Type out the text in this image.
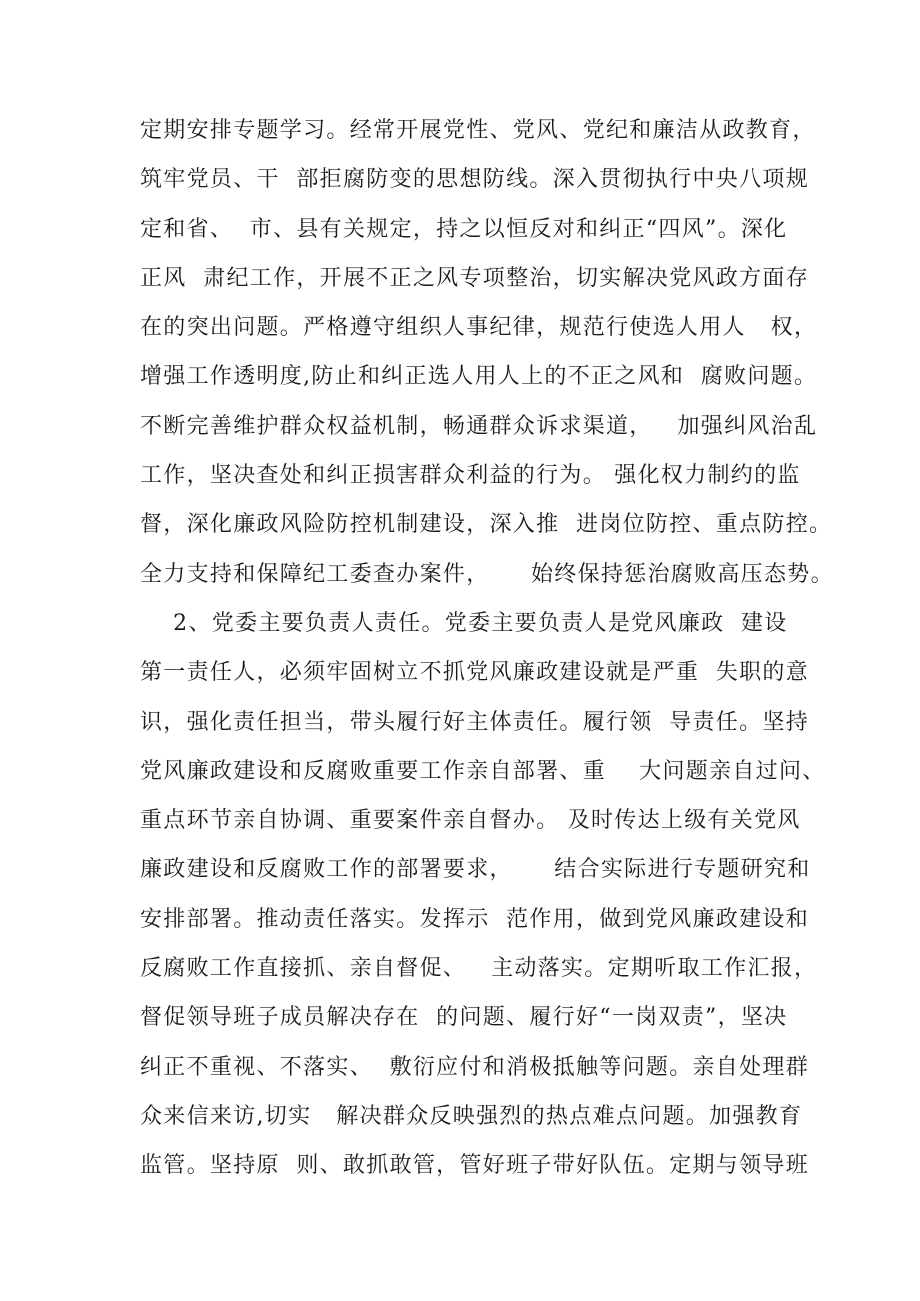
定期安排专题学习。经常开展党性、党风、党纪和廉洁从政教育，
筑牢党员、干  部拒腐防变的思想防线。深入贯彻执行中央八项规
定和省、  市、县有关规定，持之以恒反对和纠正“四风”。深化
正风  肃纪工作，开展不正之风专项整治，切实解决党风政方面存
在的突出问题。严格遵守组织人事纪律，规范行使选人用人   权，
增强工作透明度,防止和纠正选人用人上的不正之风和  腐败问题。
不断完善维护群众权益机制，畅通群众诉求渠道，   加强纠风治乱
工作，坚决查处和纠正损害群众利益的行为。 强化权力制约的监
督，深化廉政风险防控机制建设，深入推  进岗位防控、重点防控。
全力支持和保障纪工委查办案件，     始终保持惩治腐败高压态势。
2、党委主要负责人责任。党委主要负责人是党风廉政  建设
第一责任人，必须牢固树立不抓党风廉政建设就是严重  失职的意
识，强化责任担当，带头履行好主体责任。履行领  导责任。坚持
党风廉政建设和反腐败重要工作亲自部署、重    大问题亲自过问、
重点环节亲自协调、重要案件亲自督办。 及时传达上级有关党风
廉政建设和反腐败工作的部署要求，     结合实际进行专题研究和
安排部署。推动责任落实。发挥示  范作用，做到党风廉政建设和
反腐败工作直接抓、亲自督促、   主动落实。定期听取工作汇报，
督促领导班子成员解决存在  的问题、履行好“一岗双责”，坚决
纠正不重视、不落实、  敷衍应付和消极抵触等问题。亲自处理群
众来信来访,切实   解决群众反映强烈的热点难点问题。加强教育
监管。坚持原  则、敢抓敢管，管好班子带好队伍。定期与领导班
